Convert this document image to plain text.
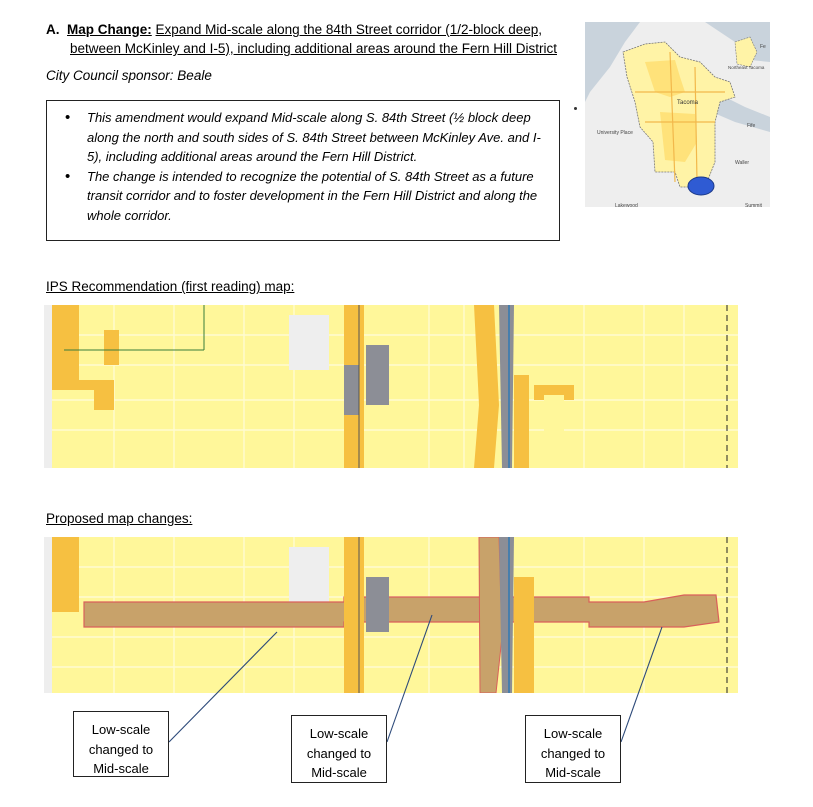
A. Map Change: Expand Mid-scale along the 84th Street corridor (1/2-block deep,
between McKinley and I-5), including additional areas around the Fern Hill District
City Council sponsor: Beale
• This amendment would expand Mid-scale along S. 84th Street (½ block deep along the north and south sides of S. 84th Street between McKinley Ave. and I-5), including additional areas around the Fern Hill District.
• The change is intended to recognize the potential of S. 84th Street as a future transit corridor and to foster development in the Fern Hill District and along the whole corridor.
Tacoma
University Place
Northeast Tacoma
Fife
Waller
Lakewood	Summit
Fe
IPS Recommendation (first reading) map:
Proposed map changes:
Low-scale
changed to
Mid-scale
Low-scale
changed to
Mid-scale
Low-scale
changed to
Mid-scale
